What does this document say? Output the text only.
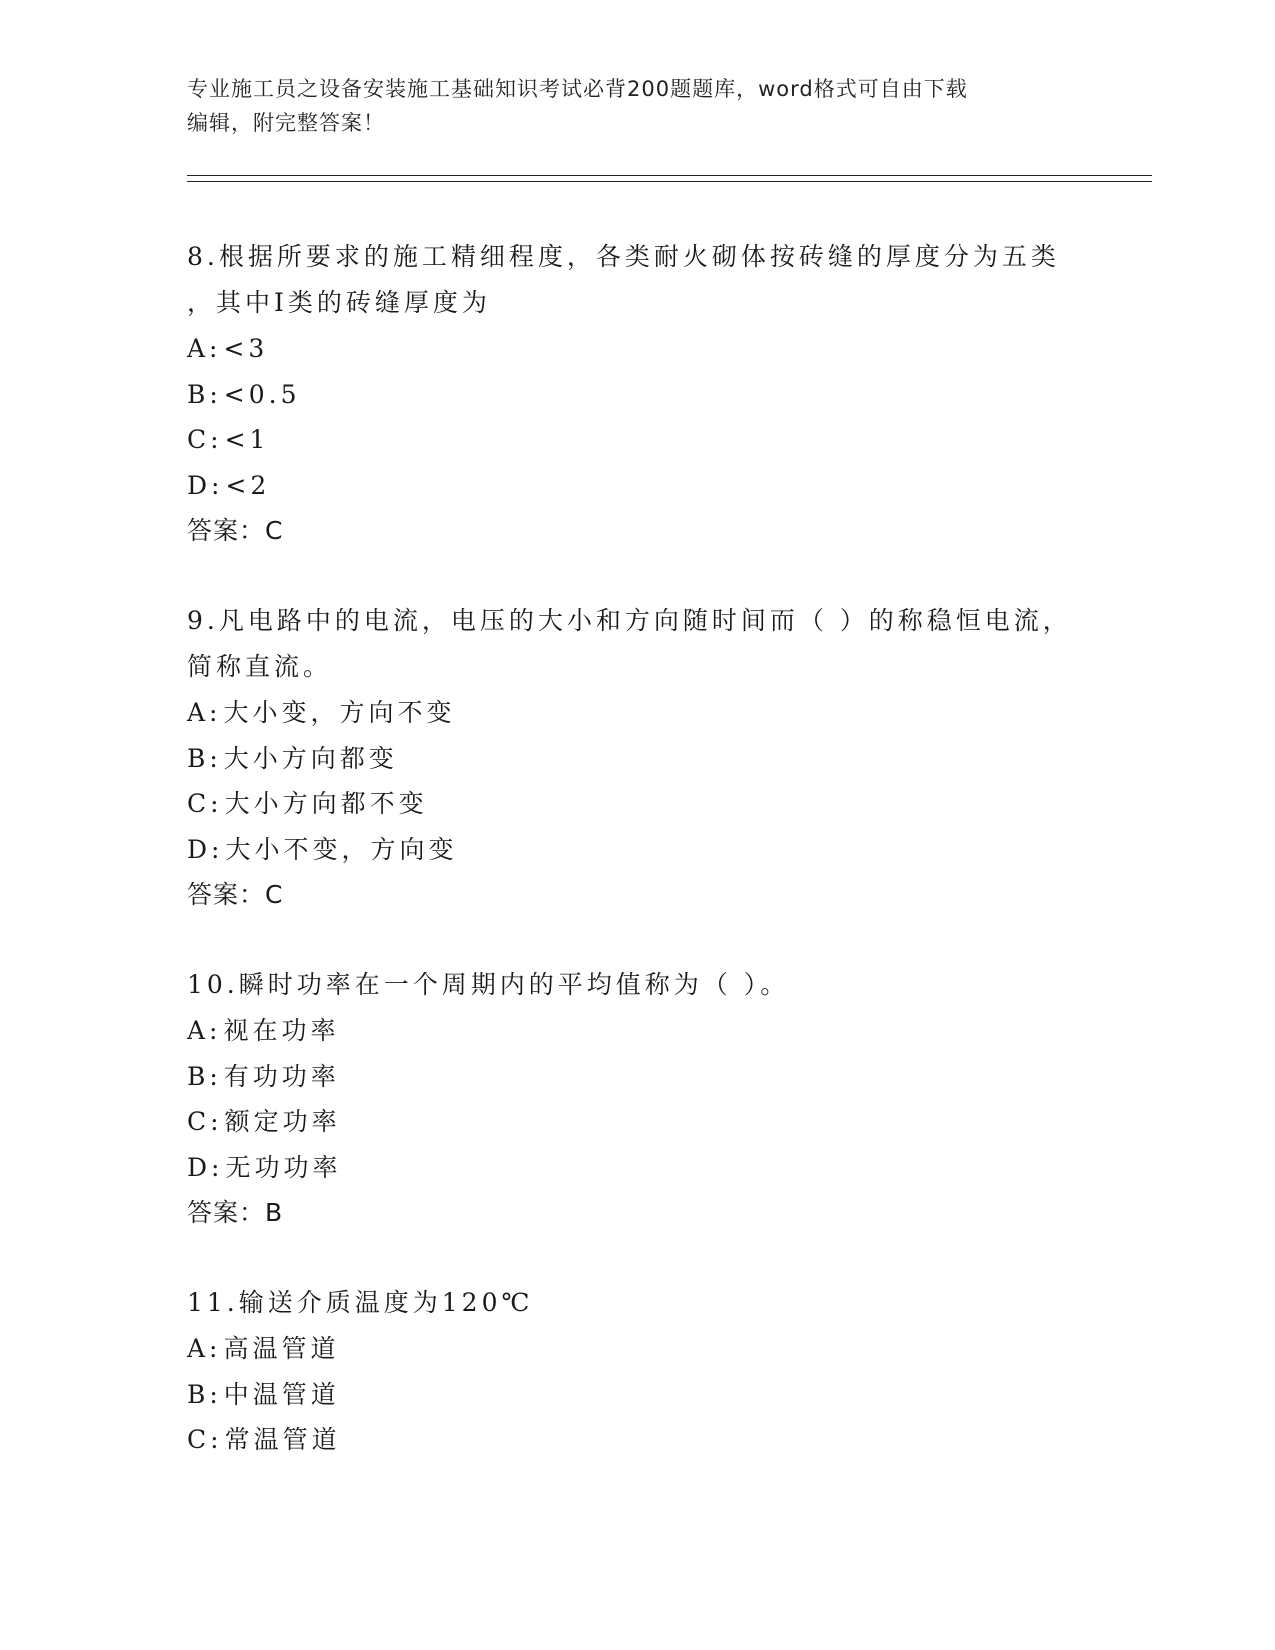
专业施工员之设备安装施工基础知识考试必背200题题库，word格式可自由下载
编辑，附完整答案！
8.根据所要求的施工精细程度，各类耐火砌体按砖缝的厚度分为五类
，其中Ⅰ类的砖缝厚度为
A:<3
B:<0.5
C:<1
D:<2
答案：C
9.凡电路中的电流，电压的大小和方向随时间而（ ）的称稳恒电流，
简称直流。
A:大小变，方向不变
B:大小方向都变
C:大小方向都不变
D:大小不变，方向变
答案：C
10.瞬时功率在一个周期内的平均值称为（ ）。
A:视在功率
B:有功功率
C:额定功率
D:无功功率
答案：B
11.输送介质温度为120℃
A:高温管道
B:中温管道
C:常温管道
